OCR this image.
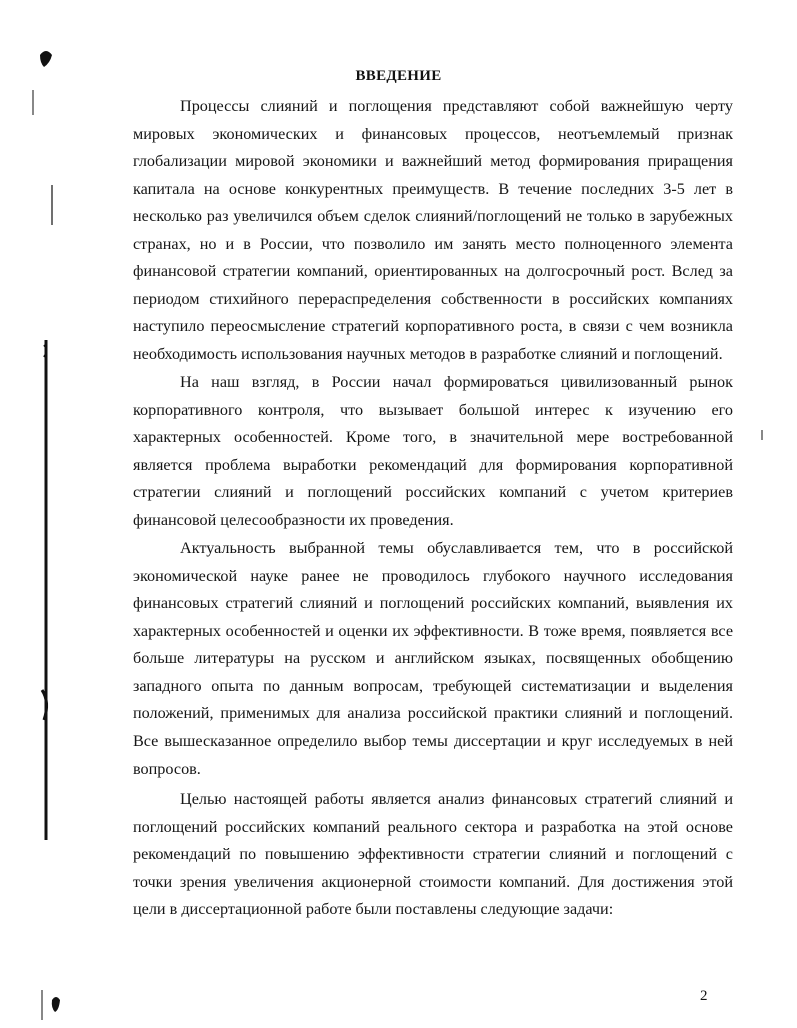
ВВЕДЕНИЕ
Процессы слияний и поглощения представляют собой важнейшую черту
мировых экономических и финансовых процессов, неотъемлемый признак
глобализации мировой экономики и важнейший метод формирования приращения
капитала на основе конкурентных преимуществ. В течение последних 3-5 лет в
несколько раз увеличился объем сделок слияний/поглощений не только в зарубежных
странах, но и в России, что позволило им занять место полноценного элемента
финансовой стратегии компаний, ориентированных на долгосрочный рост. Вслед за
периодом стихийного перераспределения собственности в российских компаниях
наступило переосмысление стратегий корпоративного роста, в связи с чем возникла
необходимость использования научных методов в разработке слияний и поглощений.
На наш взгляд, в России начал формироваться цивилизованный рынок
корпоративного контроля, что вызывает большой интерес к изучению его
характерных особенностей. Кроме того, в значительной мере востребованной
является проблема выработки рекомендаций для формирования корпоративной
стратегии слияний и поглощений российских компаний с учетом критериев
финансовой целесообразности их проведения.
Актуальность выбранной темы обуславливается тем, что в российской
экономической науке ранее не проводилось глубокого научного исследования
финансовых стратегий слияний и поглощений российских компаний, выявления их
характерных особенностей и оценки их эффективности. В тоже время, появляется все
больше литературы на русском и английском языках, посвященных обобщению
западного опыта по данным вопросам, требующей систематизации и выделения
положений, применимых для анализа российской практики слияний и поглощений.
Все вышесказанное определило выбор темы диссертации и круг исследуемых в ней
вопросов.
Целью настоящей работы является анализ финансовых стратегий слияний и
поглощений российских компаний реального сектора и разработка на этой основе
рекомендаций по повышению эффективности стратегии слияний и поглощений с
точки зрения увеличения акционерной стоимости компаний. Для достижения этой
цели в диссертационной работе были поставлены следующие задачи:
2
